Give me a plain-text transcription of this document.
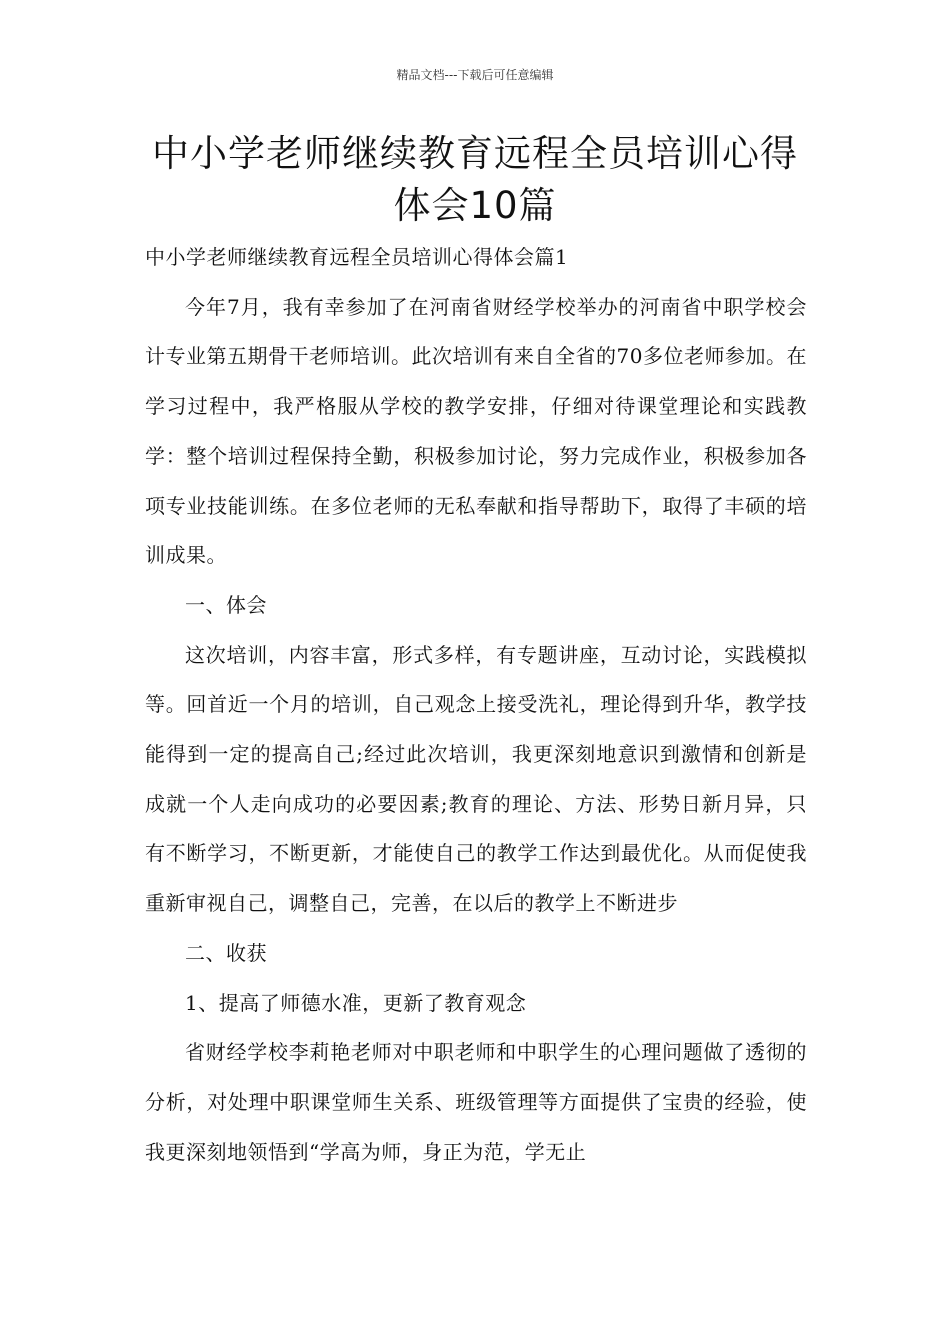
精品文档---下载后可任意编辑
中小学老师继续教育远程全员培训心得
体会10篇

中小学老师继续教育远程全员培训心得体会篇1

今年7月，我有幸参加了在河南省财经学校举办的河南省中职学校会计专业第五期骨干老师培训。此次培训有来自全省的70多位老师参加。在学习过程中，我严格服从学校的教学安排，仔细对待课堂理论和实践教学：整个培训过程保持全勤，积极参加讨论，努力完成作业，积极参加各项专业技能训练。在多位老师的无私奉献和指导帮助下，取得了丰硕的培训成果。

一、体会

这次培训，内容丰富，形式多样，有专题讲座，互动讨论，实践模拟等。回首近一个月的培训，自己观念上接受洗礼，理论得到升华，教学技能得到一定的提高自己;经过此次培训，我更深刻地意识到激情和创新是成就一个人走向成功的必要因素;教育的理论、方法、形势日新月异，只有不断学习，不断更新，才能使自己的教学工作达到最优化。从而促使我重新审视自己，调整自己，完善，在以后的教学上不断进步

二、收获

1、提高了师德水准，更新了教育观念

省财经学校李莉艳老师对中职老师和中职学生的心理问题做了透彻的分析，对处理中职课堂师生关系、班级管理等方面提供了宝贵的经验，使我更深刻地领悟到“学高为师，身正为范，学无止
